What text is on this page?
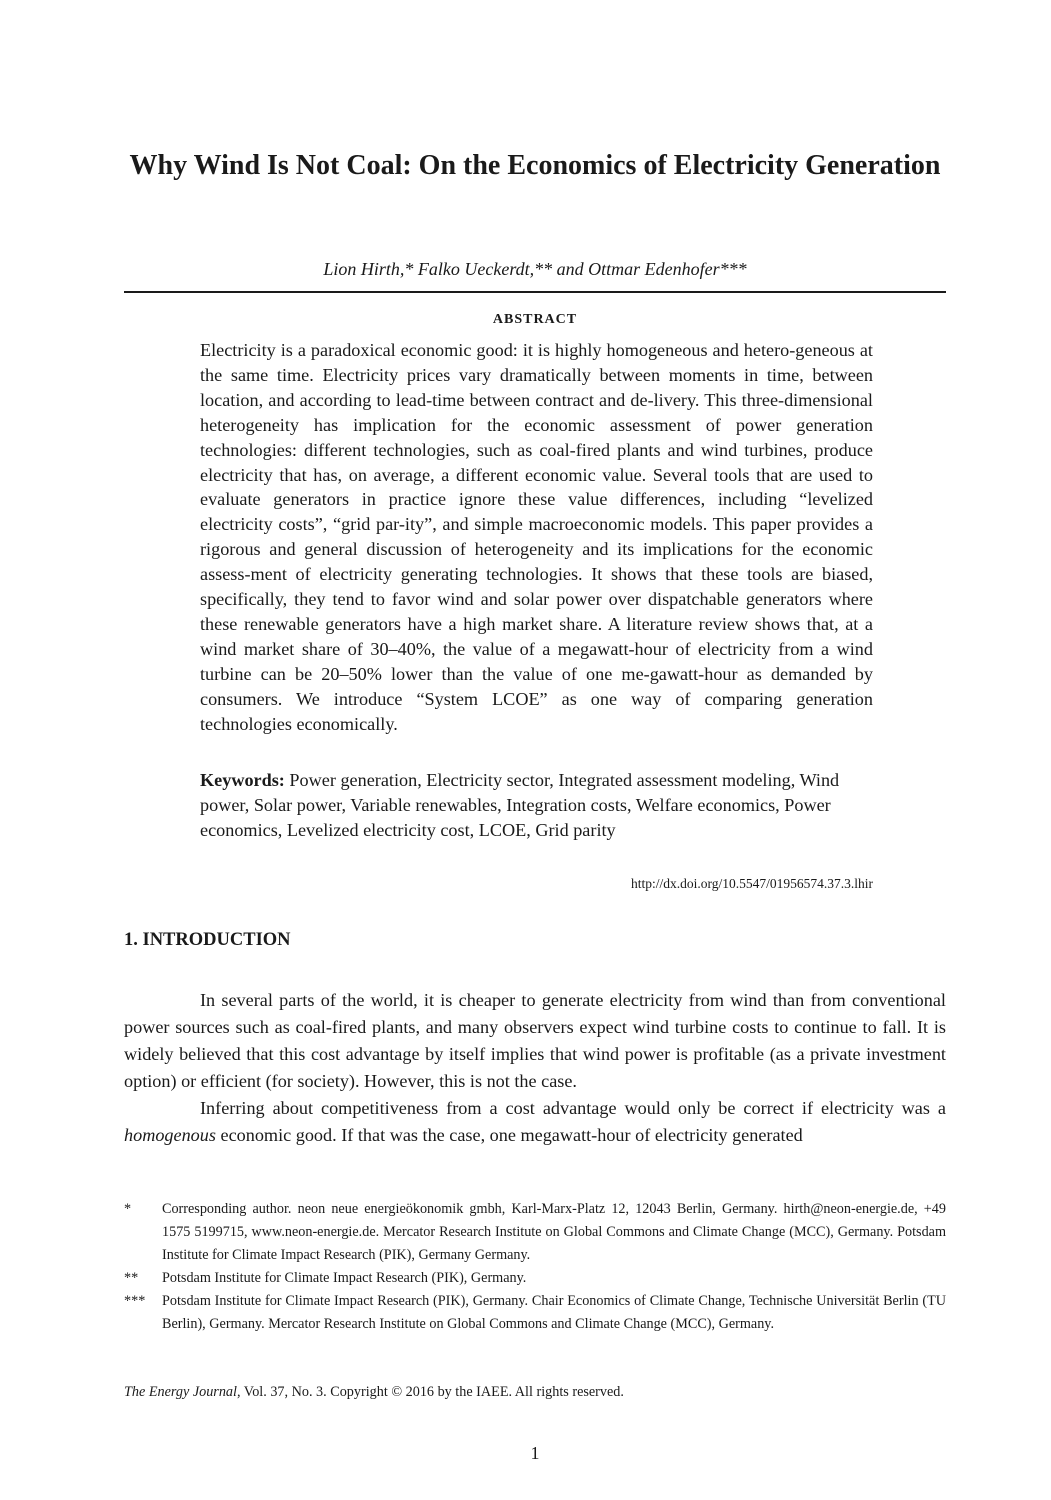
Why Wind Is Not Coal: On the Economics of Electricity Generation
Lion Hirth,* Falko Ueckerdt,** and Ottmar Edenhofer***
ABSTRACT

Electricity is a paradoxical economic good: it is highly homogeneous and hetero-geneous at the same time. Electricity prices vary dramatically between moments in time, between location, and according to lead-time between contract and de-livery. This three-dimensional heterogeneity has implication for the economic assessment of power generation technologies: different technologies, such as coal-fired plants and wind turbines, produce electricity that has, on average, a different economic value. Several tools that are used to evaluate generators in practice ignore these value differences, including “levelized electricity costs”, “grid par-ity”, and simple macroeconomic models. This paper provides a rigorous and general discussion of heterogeneity and its implications for the economic assess-ment of electricity generating technologies. It shows that these tools are biased, specifically, they tend to favor wind and solar power over dispatchable generators where these renewable generators have a high market share. A literature review shows that, at a wind market share of 30–40%, the value of a megawatt-hour of electricity from a wind turbine can be 20–50% lower than the value of one me-gawatt-hour as demanded by consumers. We introduce “System LCOE” as one way of comparing generation technologies economically.

Keywords: Power generation, Electricity sector, Integrated assessment modeling, Wind power, Solar power, Variable renewables, Integration costs, Welfare economics, Power economics, Levelized electricity cost, LCOE, Grid parity

http://dx.doi.org/10.5547/01956574.37.3.lhir
1. INTRODUCTION

In several parts of the world, it is cheaper to generate electricity from wind than from conventional power sources such as coal-fired plants, and many observers expect wind turbine costs to continue to fall. It is widely believed that this cost advantage by itself implies that wind power is profitable (as a private investment option) or efficient (for society). However, this is not the case.

Inferring about competitiveness from a cost advantage would only be correct if electricity was a homogenous economic good. If that was the case, one megawatt-hour of electricity generated

*	Corresponding author. neon neue energieökonomik gmbh, Karl-Marx-Platz 12, 12043 Berlin, Germany. hirth@neon-energie.de, +49 1575 5199715, www.neon-energie.de. Mercator Research Institute on Global Commons and Climate Change (MCC), Germany. Potsdam Institute for Climate Impact Research (PIK), Germany Germany.
**	Potsdam Institute for Climate Impact Research (PIK), Germany.
***	Potsdam Institute for Climate Impact Research (PIK), Germany. Chair Economics of Climate Change, Technische Universität Berlin (TU Berlin), Germany. Mercator Research Institute on Global Commons and Climate Change (MCC), Germany.
The Energy Journal, Vol. 37, No. 3. Copyright © 2016 by the IAEE. All rights reserved.
1
